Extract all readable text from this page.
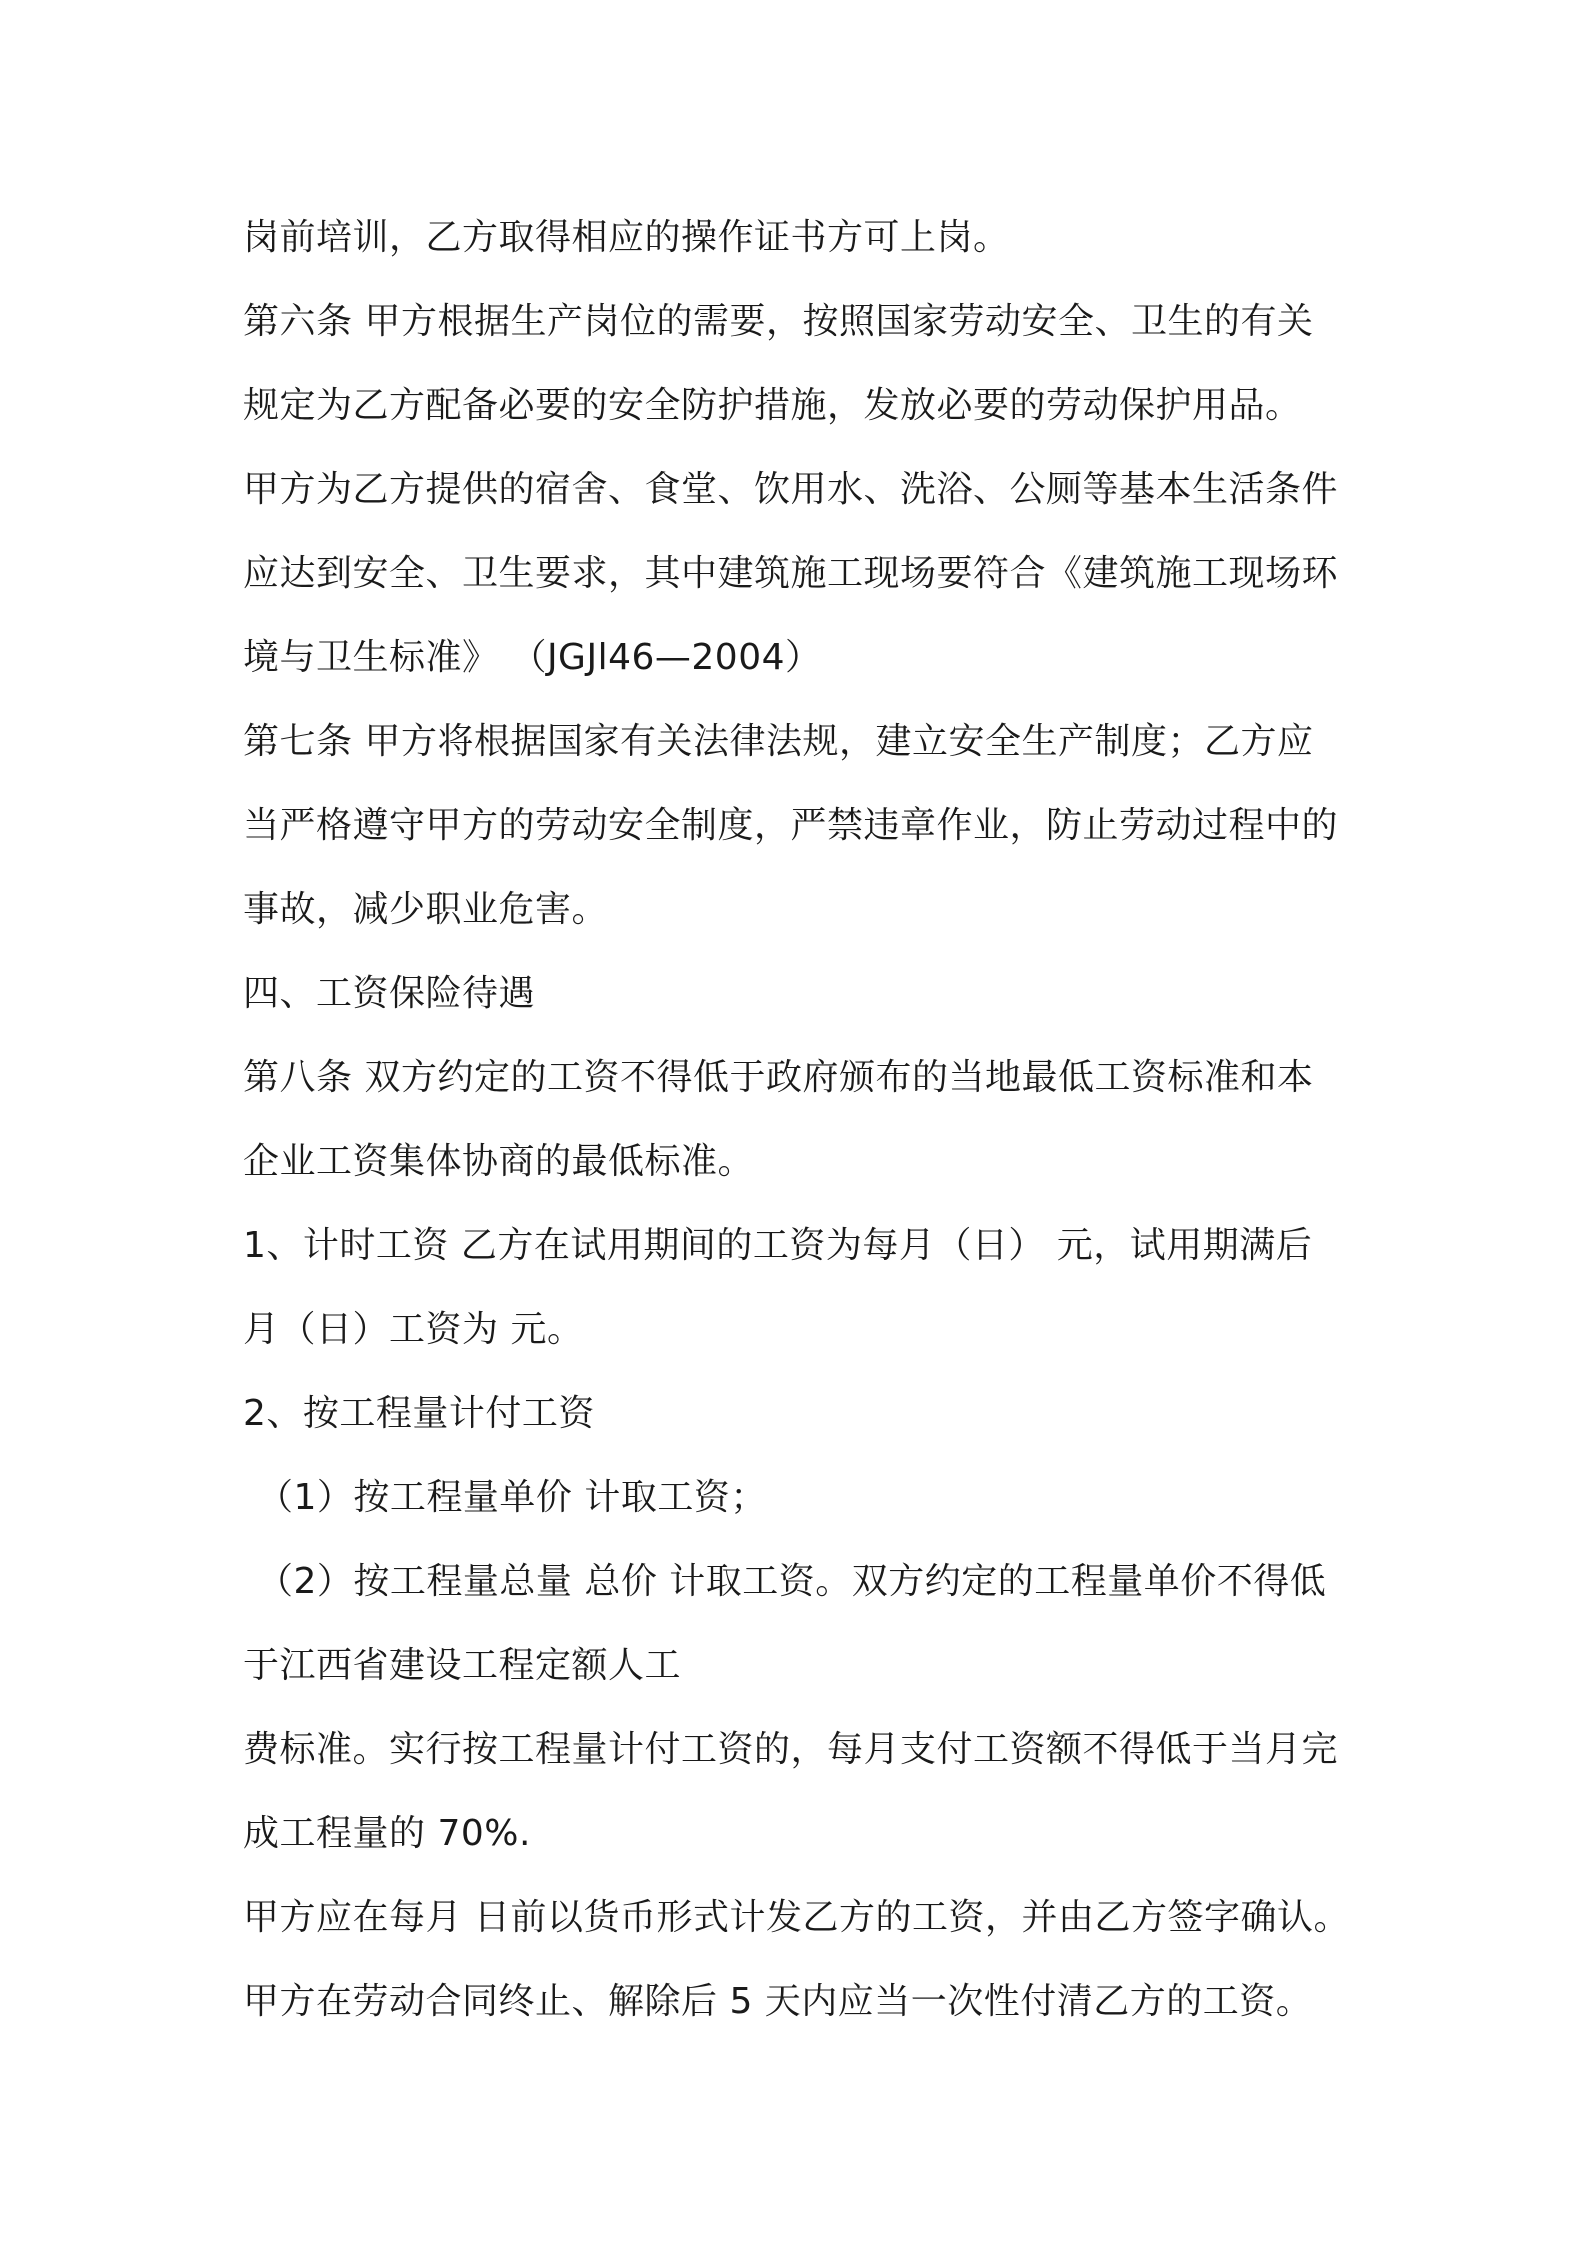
岗前培训，乙方取得相应的操作证书方可上岗。
第六条 甲方根据生产岗位的需要，按照国家劳动安全、卫生的有关
规定为乙方配备必要的安全防护措施，发放必要的劳动保护用品。
甲方为乙方提供的宿舍、食堂、饮用水、洗浴、公厕等基本生活条件
应达到安全、卫生要求，其中建筑施工现场要符合《建筑施工现场环
境与卫生标准》 （JGJl46—2004）
第七条 甲方将根据国家有关法律法规，建立安全生产制度；乙方应
当严格遵守甲方的劳动安全制度，严禁违章作业，防止劳动过程中的
事故，减少职业危害。
四、工资保险待遇
第八条 双方约定的工资不得低于政府颁布的当地最低工资标准和本
企业工资集体协商的最低标准。
1、计时工资 乙方在试用期间的工资为每月（日） 元，试用期满后
月（日）工资为 元。
2、按工程量计付工资
（1）按工程量单价 计取工资；
（2）按工程量总量 总价 计取工资。双方约定的工程量单价不得低
于江西省建设工程定额人工
费标准。实行按工程量计付工资的，每月支付工资额不得低于当月完
成工程量的 70%.
甲方应在每月 日前以货币形式计发乙方的工资，并由乙方签字确认。
甲方在劳动合同终止、解除后 5 天内应当一次性付清乙方的工资。
